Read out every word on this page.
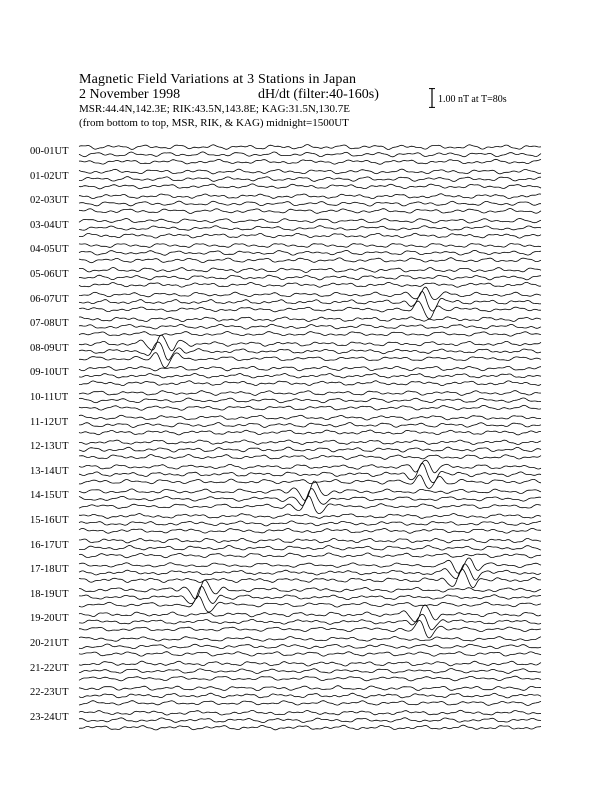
Magnetic Field Variations at 3 Stations in Japan
2 November 1998	dH/dt (filter:40-160s)
MSR:44.4N,142.3E; RIK:43.5N,143.8E; KAG:31.5N,130.7E
(from bottom to top, MSR, RIK, & KAG) midnight=1500UT
1.00 nT at T=80s
00-01UT
01-02UT
02-03UT
03-04UT
04-05UT
05-06UT
06-07UT
07-08UT
08-09UT
09-10UT
10-11UT
11-12UT
12-13UT
13-14UT
14-15UT
15-16UT
16-17UT
17-18UT
18-19UT
19-20UT
20-21UT
21-22UT
22-23UT
23-24UT
